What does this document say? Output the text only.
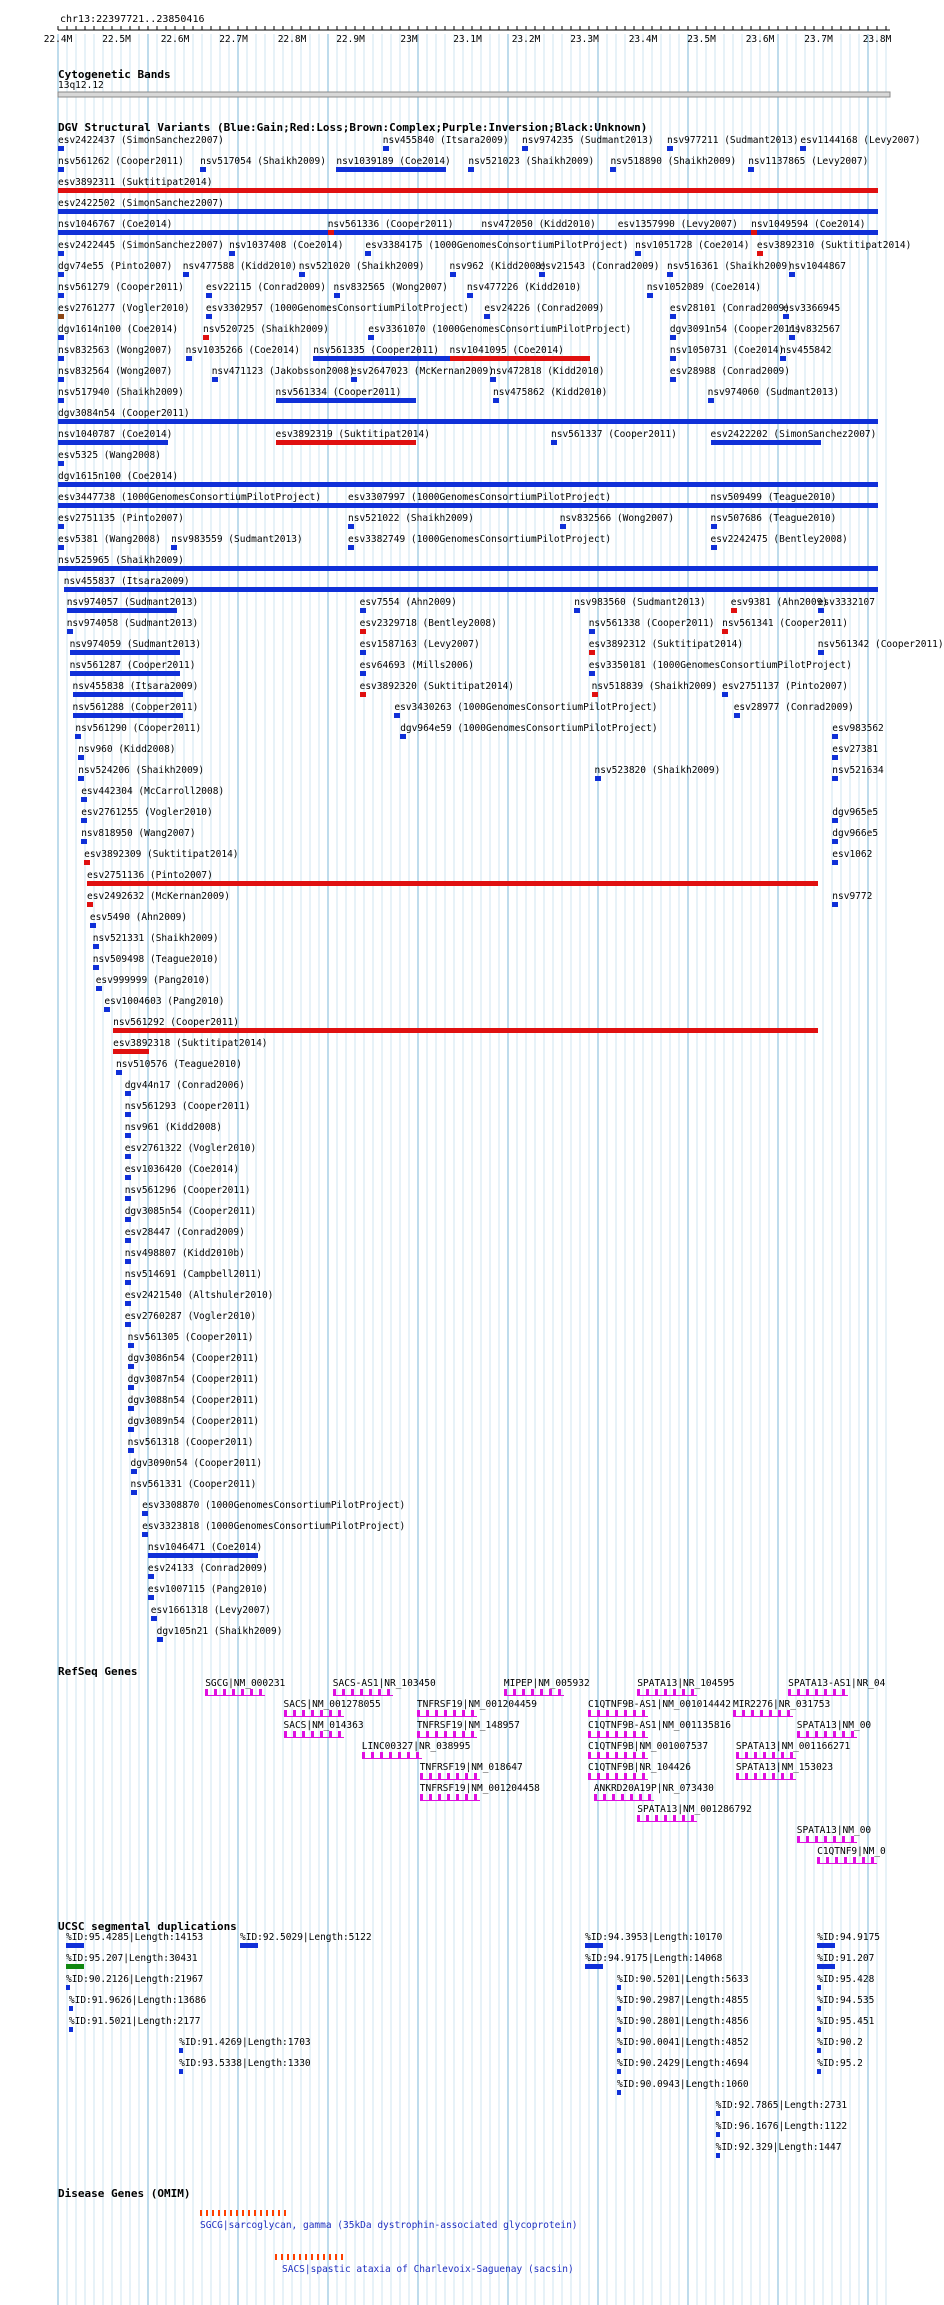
chr13:22397721..23850416
22.4M	22.5M	22.6M	22.7M	22.8M	22.9M	23M	23.1M	23.2M	23.3M	23.4M	23.5M	23.6M	23.7M	23.8M
Cytogenetic Bands
13q12.12
DGV Structural Variants (Blue:Gain;Red:Loss;Brown:Complex;Purple:Inversion;Black:Unknown)
esv2422437 (SimonSanchez2007)	nsv455840 (Itsara2009) nsv974235 (Sudmant2013) nsv977211 (Sudmant2013) esv1144168 (Levy2007)
nsv561262 (Cooper2011) nsv517054 (Shaikh2009) nsv1039189 (Coe2014) nsv521023 (Shaikh2009) nsv518890 (Shaikh2009) nsv1137865 (Levy2007)
esv3892311 (Suktitipat2014)
esv2422502 (SimonSanchez2007)
nsv1046767 (Coe2014)	nsv561336 (Cooper2011)	nsv472050 (Kidd2010) esv1357990 (Levy2007) nsv1049594 (Coe2014)
esv2422445 (SimonSanchez2007) nsv1037408 (Coe2014) esv3384175 (1000GenomesConsortiumPilotProject) nsv1051728 (Coe2014) esv3892310 (Suktitipat2014)
dgv74e55 (Pinto2007) nsv477588 (Kidd2010) nsv521020 (Shaikh2009)	nsv962 (Kidd2008)
esv21543 (Conrad2009) nsv516361 (Shaikh2009)
nsv1044867
nsv561279 (Cooper2011) esv22115 (Conrad2009) nsv832565 (Wong2007) nsv477226 (Kidd2010)	nsv1052089 (Coe2014)
esv2761277 (Vogler2010) esv3302957 (1000GenomesConsortiumPilotProject) esv24226 (Conrad2009)	esv28101 (Conrad2009)
esv3366945
dgv1614n100 (Coe2014)	nsv520725 (Shaikh2009)	esv3361070 (1000GenomesConsortiumPilotProject)	dgv3091n54 (Cooper2011)
nsv832567
nsv832563 (Wong2007) nsv1035266 (Coe2014) nsv561335 (Cooper2011) nsv1041095 (Coe2014)	nsv1050731 (Coe2014)
nsv455842
nsv832564 (Wong2007)	nsv471123 (Jakobsson2008)
esv2647023 (McKernan2009)
nsv472818 (Kidd2010)	esv28988 (Conrad2009)
nsv517940 (Shaikh2009)	nsv561334 (Cooper2011)	nsv475862 (Kidd2010)	nsv974060 (Sudmant2013)
dgv3084n54 (Cooper2011)
nsv1040787 (Coe2014)	esv3892319 (Suktitipat2014)	nsv561337 (Cooper2011)	esv2422202 (SimonSanchez2007)
esv5325 (Wang2008)
dgv1615n100 (Coe2014)
esv3447738 (1000GenomesConsortiumPilotProject)	esv3307997 (1000GenomesConsortiumPilotProject)	nsv509499 (Teague2010)
esv2751135 (Pinto2007)	nsv521022 (Shaikh2009)	nsv832566 (Wong2007)	nsv507686 (Teague2010)
esv5381 (Wang2008) nsv983559 (Sudmant2013)	esv3382749 (1000GenomesConsortiumPilotProject)	esv2242475 (Bentley2008)
nsv525965 (Shaikh2009)
nsv455837 (Itsara2009)
nsv974057 (Sudmant2013)	esv7554 (Ahn2009)	nsv983560 (Sudmant2013)	esv9381 (Ahn2009)
esv3332107
nsv974058 (Sudmant2013)	esv2329718 (Bentley2008)	nsv561338 (Cooper2011) nsv561341 (Cooper2011)
nsv974059 (Sudmant2013)	esv1587163 (Levy2007)	esv3892312 (Suktitipat2014)	nsv561342 (Cooper2011)
nsv561287 (Cooper2011)	esv64693 (Mills2006)	esv3350181 (1000GenomesConsortiumPilotProject)
nsv455838 (Itsara2009)	esv3892320 (Suktitipat2014)	nsv518839 (Shaikh2009) esv2751137 (Pinto2007)
nsv561288 (Cooper2011)	esv3430263 (1000GenomesConsortiumPilotProject)	esv28977 (Conrad2009)
nsv561290 (Cooper2011)	dgv964e59 (1000GenomesConsortiumPilotProject)	esv983562
nsv960 (Kidd2008)	esv27381
nsv524206 (Shaikh2009)	nsv523820 (Shaikh2009)	nsv521634
esv442304 (McCarroll2008)
esv2761255 (Vogler2010)	dgv965e5
nsv818950 (Wang2007)	dgv966e5
esv3892309 (Suktitipat2014)	esv1062
esv2751136 (Pinto2007)
esv2492632 (McKernan2009)	nsv9772
esv5490 (Ahn2009)
nsv521331 (Shaikh2009)
nsv509498 (Teague2010)
esv999999 (Pang2010)
esv1004603 (Pang2010)
nsv561292 (Cooper2011)
esv3892318 (Suktitipat2014)
nsv510576 (Teague2010)
dgv44n17 (Conrad2006)
nsv561293 (Cooper2011)
nsv961 (Kidd2008)
esv2761322 (Vogler2010)
esv1036420 (Coe2014)
nsv561296 (Cooper2011)
dgv3085n54 (Cooper2011)
esv28447 (Conrad2009)
nsv498807 (Kidd2010b)
nsv514691 (Campbell2011)
esv2421540 (Altshuler2010)
esv2760287 (Vogler2010)
nsv561305 (Cooper2011)
dgv3086n54 (Cooper2011)
dgv3087n54 (Cooper2011)
dgv3088n54 (Cooper2011)
dgv3089n54 (Cooper2011)
nsv561318 (Cooper2011)
dgv3090n54 (Cooper2011)
nsv561331 (Cooper2011)
esv3308870 (1000GenomesConsortiumPilotProject)
esv3323818 (1000GenomesConsortiumPilotProject)
nsv1046471 (Coe2014)
esv24133 (Conrad2009)
esv1007115 (Pang2010)
esv1661318 (Levy2007)
dgv105n21 (Shaikh2009)
RefSeq Genes
SGCG|NM_000231	SACS-AS1|NR_103450	MIPEP|NM_005932	SPATA13|NR_104595	SPATA13-AS1|NR_04
SACS|NM_001278055	TNFRSF19|NM_001204459	C1QTNF9B-AS1|NM_001014442 MIR2276|NR_031753
SACS|NM_014363	TNFRSF19|NM_148957	C1QTNF9B-AS1|NM_001135816	SPATA13|NM_00
LINC00327|NR_038995	C1QTNF9B|NM_001007537	SPATA13|NM_001166271
TNFRSF19|NM_018647	C1QTNF9B|NR_104426	SPATA13|NM_153023
TNFRSF19|NM_001204458	ANKRD20A19P|NR_073430
SPATA13|NM_001286792
SPATA13|NM_00
C1QTNF9|NM_0
UCSC segmental duplications
%ID:95.4285|Length:14153	%ID:92.5029|Length:5122	%ID:94.3953|Length:10170	%ID:94.9175
%ID:95.207|Length:30431	%ID:94.9175|Length:14068	%ID:91.207
%ID:90.2126|Length:21967	%ID:90.5201|Length:5633	%ID:95.428
%ID:91.9626|Length:13686	%ID:90.2987|Length:4855	%ID:94.535
%ID:91.5021|Length:2177	%ID:90.2801|Length:4856	%ID:95.451
%ID:91.4269|Length:1703	%ID:90.0041|Length:4852	%ID:90.2
%ID:93.5338|Length:1330	%ID:90.2429|Length:4694	%ID:95.2
%ID:90.0943|Length:1060
%ID:92.7865|Length:2731
%ID:96.1676|Length:1122
%ID:92.329|Length:1447
Disease Genes (OMIM)
SGCG|sarcoglycan, gamma (35kDa dystrophin-associated glycoprotein)
SACS|spastic ataxia of Charlevoix-Saguenay (sacsin)
